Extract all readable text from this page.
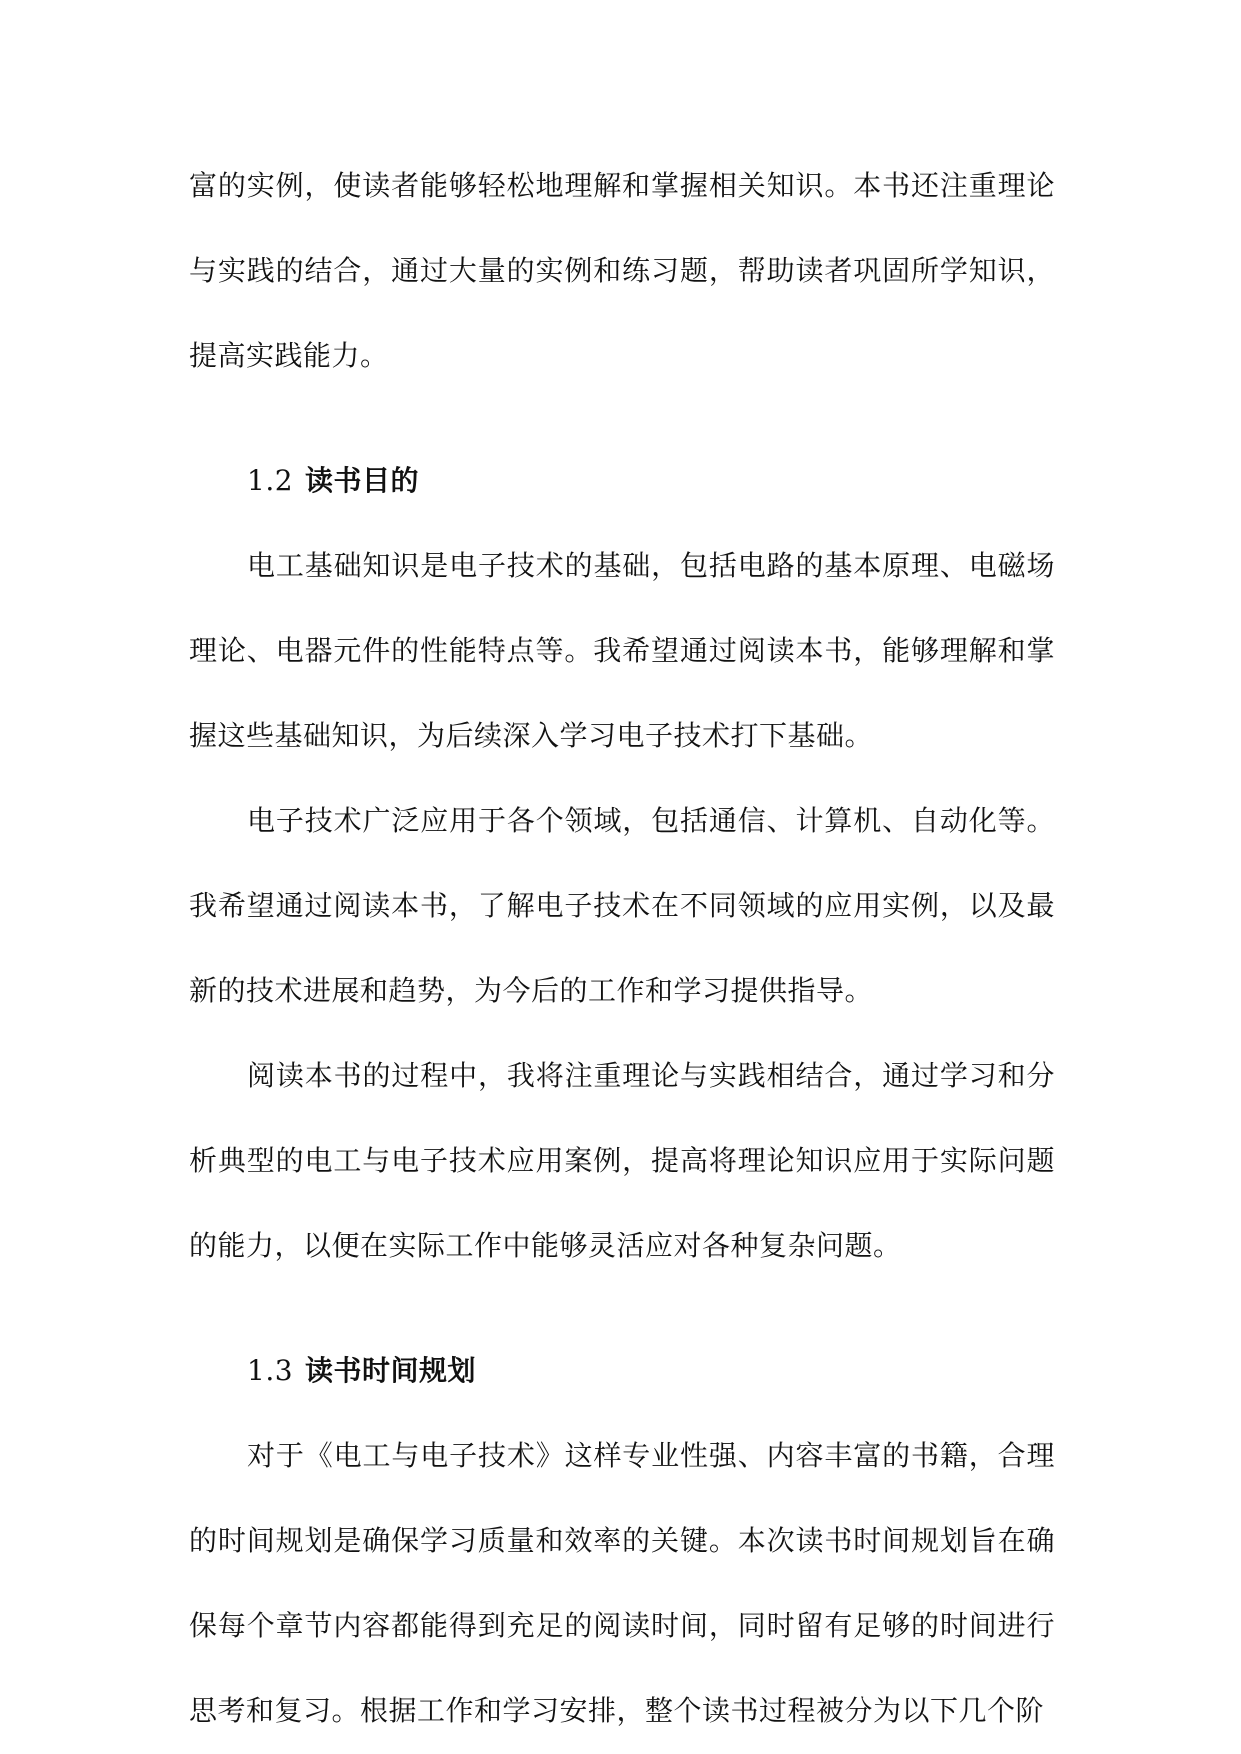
富的实例，使读者能够轻松地理解和掌握相关知识。本书还注重理论与实践的结合，通过大量的实例和练习题，帮助读者巩固所学知识，提高实践能力。

1.2 读书目的

电工基础知识是电子技术的基础，包括电路的基本原理、电磁场理论、电器元件的性能特点等。我希望通过阅读本书，能够理解和掌握这些基础知识，为后续深入学习电子技术打下基础。

电子技术广泛应用于各个领域，包括通信、计算机、自动化等。我希望通过阅读本书，了解电子技术在不同领域的应用实例，以及最新的技术进展和趋势，为今后的工作和学习提供指导。

阅读本书的过程中，我将注重理论与实践相结合，通过学习和分析典型的电工与电子技术应用案例，提高将理论知识应用于实际问题的能力，以便在实际工作中能够灵活应对各种复杂问题。

1.3 读书时间规划

对于《电工与电子技术》这样专业性强、内容丰富的书籍，合理的时间规划是确保学习质量和效率的关键。本次读书时间规划旨在确保每个章节内容都能得到充足的阅读时间，同时留有足够的时间进行思考和复习。根据工作和学习安排，整个读书过程被分为以下几个阶
